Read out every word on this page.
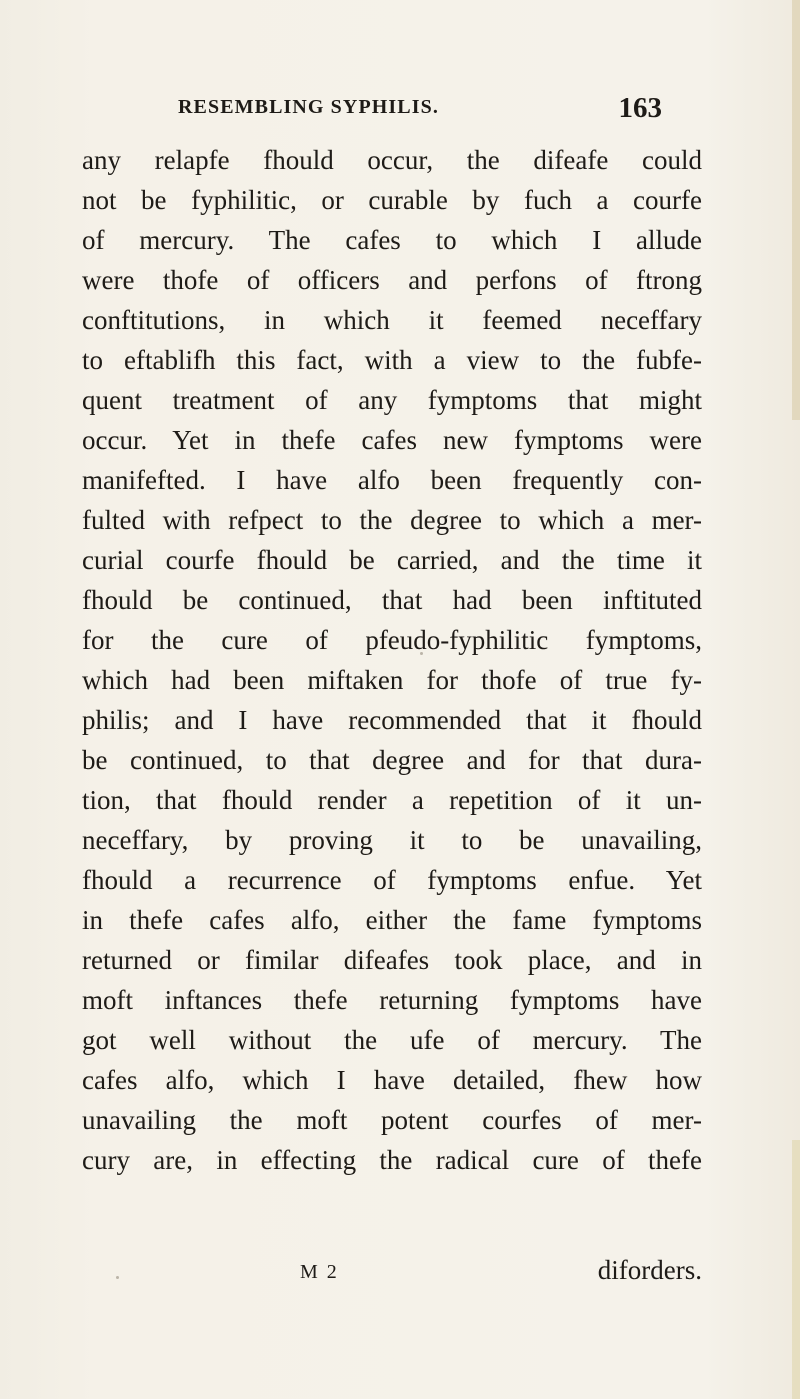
RESEMBLING SYPHILIS.	163
any relapfe fhould occur, the difeafe could
not be fyphilitic, or curable by fuch a courfe
of mercury. The cafes to which I allude
were thofe of officers and perfons of ftrong
conftitutions, in which it feemed neceffary
to eftablifh this fact, with a view to the fubfe-
quent treatment of any fymptoms that might
occur. Yet in thefe cafes new fymptoms were
manifefted. I have alfo been frequently con-
fulted with refpect to the degree to which a mer-
curial courfe fhould be carried, and the time it
fhould be continued, that had been inftituted
for the cure of pfeudo-fyphilitic fymptoms,
which had been miftaken for thofe of true fy-
philis; and I have recommended that it fhould
be continued, to that degree and for that dura-
tion, that fhould render a repetition of it un-
neceffary, by proving it to be unavailing,
fhould a recurrence of fymptoms enfue. Yet
in thefe cafes alfo, either the fame fymptoms
returned or fimilar difeafes took place, and in
moft inftances thefe returning fymptoms have
got well without the ufe of mercury. The
cafes alfo, which I have detailed, fhew how
unavailing the moft potent courfes of mer-
cury are, in effecting the radical cure of thefe
M 2	diforders.
